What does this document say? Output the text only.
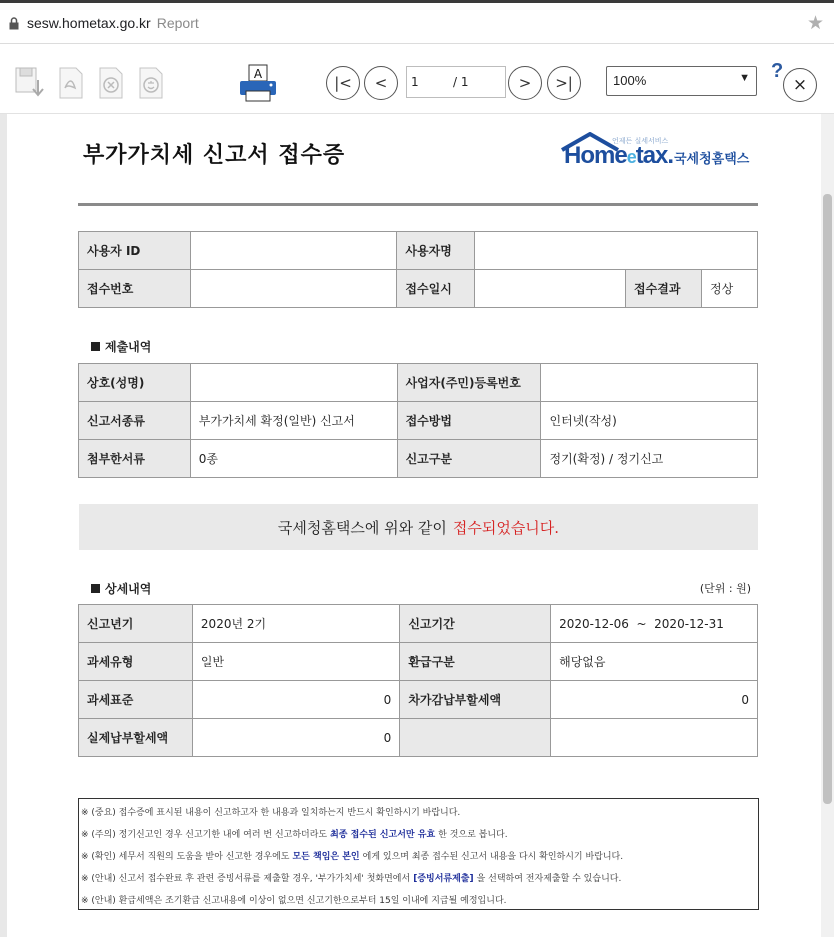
sesw.hometax.go.kr Report	★
A	|< < 1	/ 1	> >|	100%	▼ ?
×
부가가치세 신고서 접수증
언제든 실세서비스
Homeetax. 국세청홈택스
사용자 ID		사용자명			
접수번호		접수일시		접수결과	정상
제출내역
상호(성명)		사업자(주민)등록번호	
신고서종류	부가가치세 확정(일반) 신고서	접수방법	인터넷(작성)
첨부한서류	0종	신고구분	정기(확정) / 정기신고
국세청홈택스에 위와 같이 접수되었습니다.
상세내역	(단위 : 원)
신고년기	2020년 2기	신고기간	2020-12-06  ~  2020-12-31
과세유형	일반	환급구분	해당없음
과세표준	0	차가감납부할세액	0
실제납부할세액	0		
※ (중요) 접수증에 표시된 내용이 신고하고자 한 내용과 일치하는지 반드시 확인하시기 바랍니다.
※ (주의) 정기신고인 경우 신고기한 내에 여러 번 신고하더라도 최종 접수된 신고서만 유효 한 것으로 봅니다.
※ (확인) 세무서 직원의 도움을 받아 신고한 경우에도 모든 책임은 본인 에게 있으며 최종 접수된 신고서 내용을 다시 확인하시기 바랍니다.
※ (안내) 신고서 접수완료 후 관련 증빙서류를 제출할 경우, '부가가치세' 첫화면에서 [증빙서류제출] 을 선택하여 전자제출할 수 있습니다.
※ (안내) 환급세액은 조기환급 신고내용에 이상이 없으면 신고기한으로부터 15일 이내에 지급될 예정입니다.
